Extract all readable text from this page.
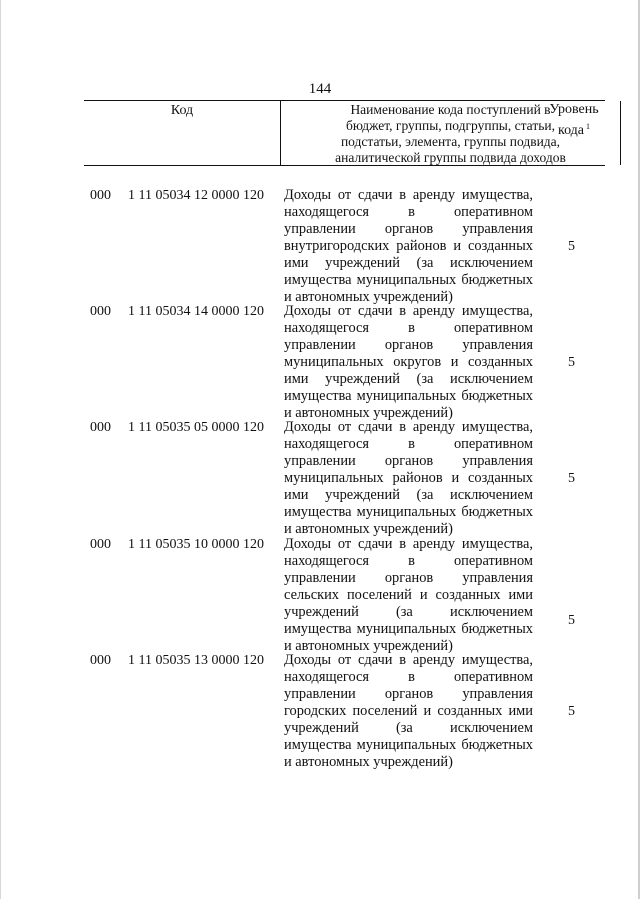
144
Код	Наименование кода поступлений в
бюджет, группы, подгруппы, статьи,
подстатьи, элемента, группы подвида,
аналитической группы подвида доходов
Уровень
кода $^1$
000 1 11 05034 12 0000 120 Доходы от сдачи в аренду имущества,
находящегося в оперативном
управлении органов управления
внутригородских районов и созданных
ими учреждений (за исключением
имущества муниципальных бюджетных
и автономных учреждений)
5
000 1 11 05034 14 0000 120 Доходы от сдачи в аренду имущества,
находящегося в оперативном
управлении органов управления
муниципальных округов и созданных
ими учреждений (за исключением
имущества муниципальных бюджетных
и автономных учреждений)
5
000 1 11 05035 05 0000 120 Доходы от сдачи в аренду имущества,
находящегося в оперативном
управлении органов управления
муниципальных районов и созданных
ими учреждений (за исключением
имущества муниципальных бюджетных
и автономных учреждений)
5
000 1 11 05035 10 0000 120 Доходы от сдачи в аренду имущества,
находящегося в оперативном
управлении органов управления
сельских поселений и созданных ими
учреждений (за исключением
имущества муниципальных бюджетных
и автономных учреждений)
5
000 1 11 05035 13 0000 120 Доходы от сдачи в аренду имущества,
находящегося в оперативном
управлении органов управления
городских поселений и созданных ими
учреждений (за исключением
имущества муниципальных бюджетных
и автономных учреждений)
5
